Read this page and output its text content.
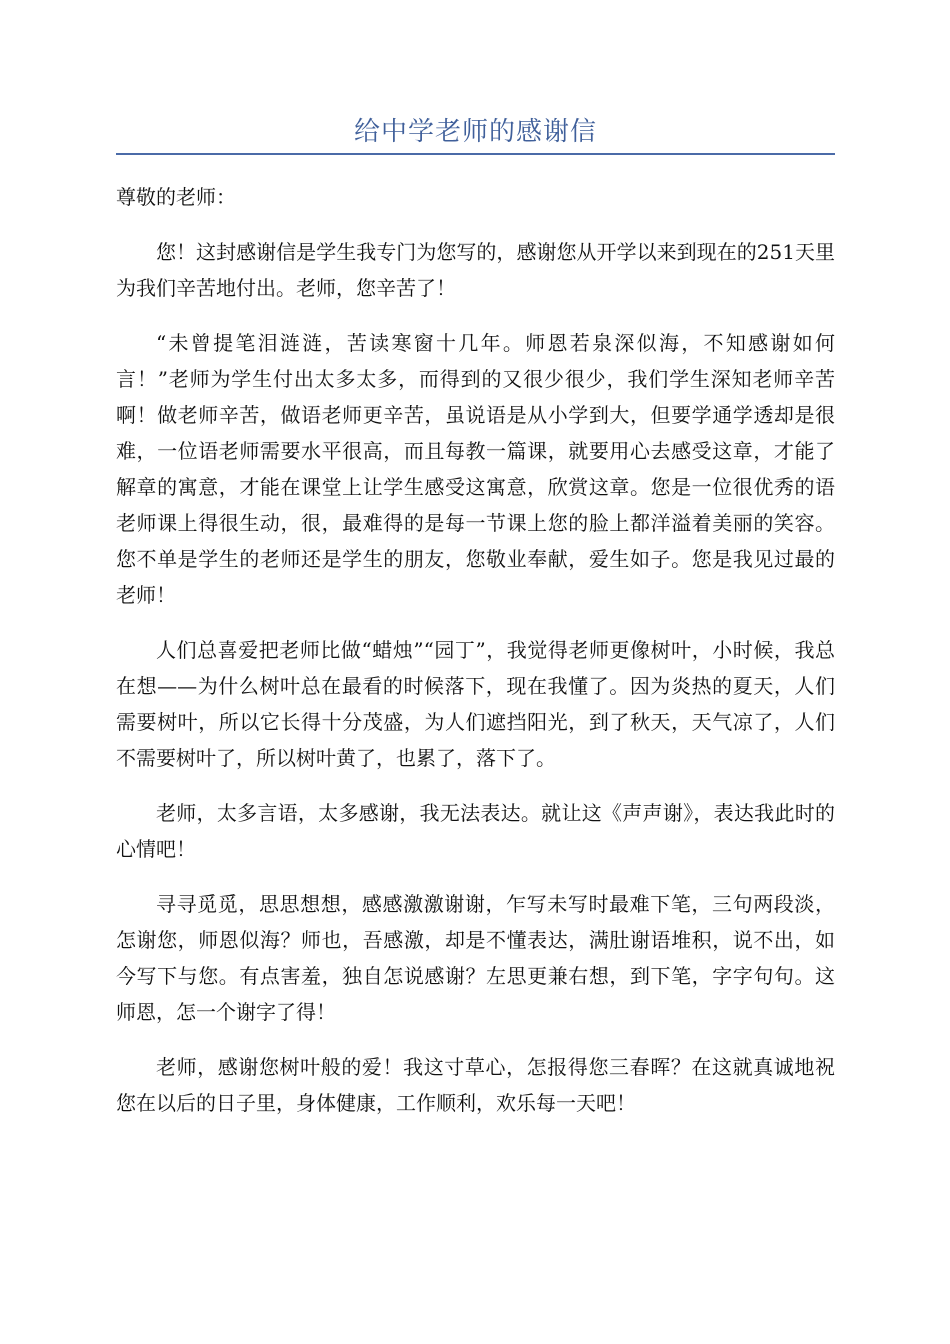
给中学老师的感谢信

尊敬的老师：

您！这封感谢信是学生我专门为您写的，感谢您从开学以来到现在的251天里为我们辛苦地付出。老师，您辛苦了！

“未曾提笔泪涟涟，苦读寒窗十几年。师恩若泉深似海，不知感谢如何言！”老师为学生付出太多太多，而得到的又很少很少，我们学生深知老师辛苦啊！做老师辛苦，做语老师更辛苦，虽说语是从小学到大，但要学通学透却是很难，一位语老师需要水平很高，而且每教一篇课，就要用心去感受这章，才能了解章的寓意，才能在课堂上让学生感受这寓意，欣赏这章。您是一位很优秀的语老师课上得很生动，很，最难得的是每一节课上您的脸上都洋溢着美丽的笑容。您不单是学生的老师还是学生的朋友，您敬业奉献，爱生如子。您是我见过最的老师！

人们总喜爱把老师比做“蜡烛”“园丁”，我觉得老师更像树叶，小时候，我总在想——为什么树叶总在最看的时候落下，现在我懂了。因为炎热的夏天，人们需要树叶，所以它长得十分茂盛，为人们遮挡阳光，到了秋天，天气凉了，人们不需要树叶了，所以树叶黄了，也累了，落下了。

老师，太多言语，太多感谢，我无法表达。就让这《声声谢》，表达我此时的心情吧！

寻寻觅觅，思思想想，感感激激谢谢，乍写未写时最难下笔，三句两段淡，怎谢您，师恩似海？师也，吾感激，却是不懂表达，满肚谢语堆积，说不出，如今写下与您。有点害羞，独自怎说感谢？左思更兼右想，到下笔，字字句句。这师恩，怎一个谢字了得！

老师，感谢您树叶般的爱！我这寸草心，怎报得您三春晖？在这就真诚地祝您在以后的日子里，身体健康，工作顺利，欢乐每一天吧！
